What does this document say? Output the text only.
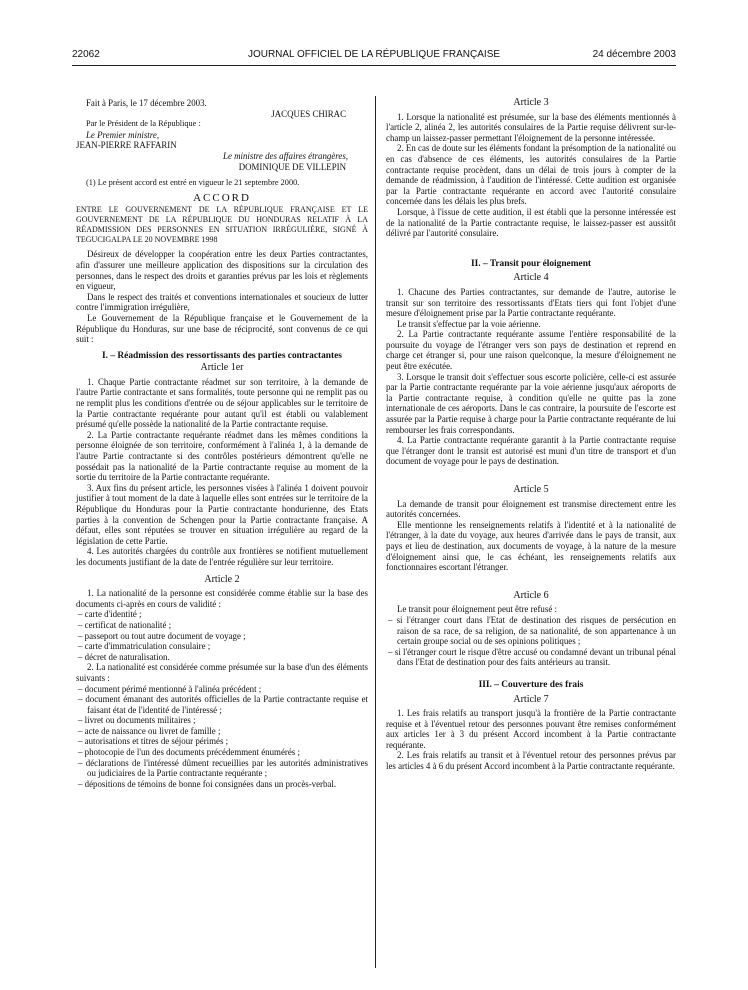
22062	JOURNAL OFFICIEL DE LA RÉPUBLIQUE FRANÇAISE	24 décembre 2003

Fait à Paris, le 17 décembre 2003.

JACQUES CHIRAC

Par le Président de la République :

Le Premier ministre,

JEAN-PIERRE RAFFARIN

Le ministre des affaires étrangères,

DOMINIQUE DE VILLEPIN

(1) Le présent accord est entré en vigueur le 21 septembre 2000.

ACCORD

ENTRE LE GOUVERNEMENT DE LA RÉPUBLIQUE FRANÇAISE ET LE GOUVERNEMENT DE LA RÉPUBLIQUE DU HONDURAS RELATIF À LA RÉADMISSION DES PERSONNES EN SITUATION IRRÉGULIÈRE, SIGNÉ À TEGUCIGALPA LE 20 NOVEMBRE 1998

Désireux de développer la coopération entre les deux Parties contractantes, afin d'assurer une meilleure application des dispositions sur la circulation des personnes, dans le respect des droits et garanties prévus par les lois et règlements en vigueur,

Dans le respect des traités et conventions internationales et soucieux de lutter contre l'immigration irrégulière,

Le Gouvernement de la République française et le Gouvernement de la République du Honduras, sur une base de réciprocité, sont convenus de ce qui suit :

I. – Réadmission des ressortissants des parties contractantes
Article 1er

1. Chaque Partie contractante réadmet sur son territoire, à la demande de l'autre Partie contractante et sans formalités, toute personne qui ne remplit pas ou ne remplit plus les conditions d'entrée ou de séjour applicables sur le territoire de la Partie contractante requérante pour autant qu'il est établi ou valablement présumé qu'elle possède la nationalité de la Partie contractante requise.

2. La Partie contractante requérante réadmet dans les mêmes conditions la personne éloignée de son territoire, conformément à l'alinéa 1, à la demande de l'autre Partie contractante si des contrôles postérieurs démontrent qu'elle ne possédait pas la nationalité de la Partie contractante requise au moment de la sortie du territoire de la Partie contractante requérante.

3. Aux fins du présent article, les personnes visées à l'alinéa 1 doivent pouvoir justifier à tout moment de la date à laquelle elles sont entrées sur le territoire de la République du Honduras pour la Partie contractante hondurienne, des Etats parties à la convention de Schengen pour la Partie contractante française. A défaut, elles sont réputées se trouver en situation irrégulière au regard de la législation de cette Partie.

4. Les autorités chargées du contrôle aux frontières se notifient mutuellement les documents justifiant de la date de l'entrée régulière sur leur territoire.

Article 2

1. La nationalité de la personne est considérée comme établie sur la base des documents ci-après en cours de validité :

– carte d'identité ;
– certificat de nationalité ;
– passeport ou tout autre document de voyage ;
– carte d'immatriculation consulaire ;
– décret de naturalisation.

2. La nationalité est considérée comme présumée sur la base d'un des éléments suivants :

– document périmé mentionné à l'alinéa précédent ;
– document émanant des autorités officielles de la Partie contractante requise et faisant état de l'identité de l'intéressé ;
– livret ou documents militaires ;
– acte de naissance ou livret de famille ;
– autorisations et titres de séjour périmés ;
– photocopie de l'un des documents précédemment énumérés ;
– déclarations de l'intéressé dûment recueillies par les autorités administratives ou judiciaires de la Partie contractante requérante ;
– dépositions de témoins de bonne foi consignées dans un procès-verbal.
Article 3

1. Lorsque la nationalité est présumée, sur la base des éléments mentionnés à l'article 2, alinéa 2, les autorités consulaires de la Partie requise délivrent sur-le-champ un laissez-passer permettant l'éloignement de la personne intéressée.

2. En cas de doute sur les éléments fondant la présomption de la nationalité ou en cas d'absence de ces éléments, les autorités consulaires de la Partie contractante requise procèdent, dans un délai de trois jours à compter de la demande de réadmission, à l'audition de l'intéressé. Cette audition est organisée par la Partie contractante requérante en accord avec l'autorité consulaire concernée dans les délais les plus brefs.

Lorsque, à l'issue de cette audition, il est établi que la personne intéressée est de la nationalité de la Partie contractante requise, le laissez-passer est aussitôt délivré par l'autorité consulaire.

II. – Transit pour éloignement
Article 4

1. Chacune des Parties contractantes, sur demande de l'autre, autorise le transit sur son territoire des ressortissants d'Etats tiers qui font l'objet d'une mesure d'éloignement prise par la Partie contractante requérante.

Le transit s'effectue par la voie aérienne.

2. La Partie contractante requérante assume l'entière responsabilité de la poursuite du voyage de l'étranger vers son pays de destination et reprend en charge cet étranger si, pour une raison quelconque, la mesure d'éloignement ne peut être exécutée.

3. Lorsque le transit doit s'effectuer sous escorte policière, celle-ci est assurée par la Partie contractante requérante par la voie aérienne jusqu'aux aéroports de la Partie contractante requise, à condition qu'elle ne quitte pas la zone internationale de ces aéroports. Dans le cas contraire, la poursuite de l'escorte est assurée par la Partie requise à charge pour la Partie contractante requérante de lui rembourser les frais correspondants.

4. La Partie contractante requérante garantit à la Partie contractante requise que l'étranger dont le transit est autorisé est muni d'un titre de transport et d'un document de voyage pour le pays de destination.

Article 5

La demande de transit pour éloignement est transmise directement entre les autorités concernées.

Elle mentionne les renseignements relatifs à l'identité et à la nationalité de l'étranger, à la date du voyage, aux heures d'arrivée dans le pays de transit, aux pays et lieu de destination, aux documents de voyage, à la nature de la mesure d'éloignement ainsi que, le cas échéant, les renseignements relatifs aux fonctionnaires escortant l'étranger.

Article 6

Le transit pour éloignement peut être refusé :

– si l'étranger court dans l'Etat de destination des risques de persécution en raison de sa race, de sa religion, de sa nationalité, de son appartenance à un certain groupe social ou de ses opinions politiques ;
– si l'étranger court le risque d'être accusé ou condamné devant un tribunal pénal dans l'Etat de destination pour des faits antérieurs au transit.
III. – Couverture des frais
Article 7

1. Les frais relatifs au transport jusqu'à la frontière de la Partie contractante requise et à l'éventuel retour des personnes pouvant être remises conformément aux articles 1er à 3 du présent Accord incombent à la Partie contractante requérante.

2. Les frais relatifs au transit et à l'éventuel retour des personnes prévus par les articles 4 à 6 du présent Accord incombent à la Partie contractante requérante.
